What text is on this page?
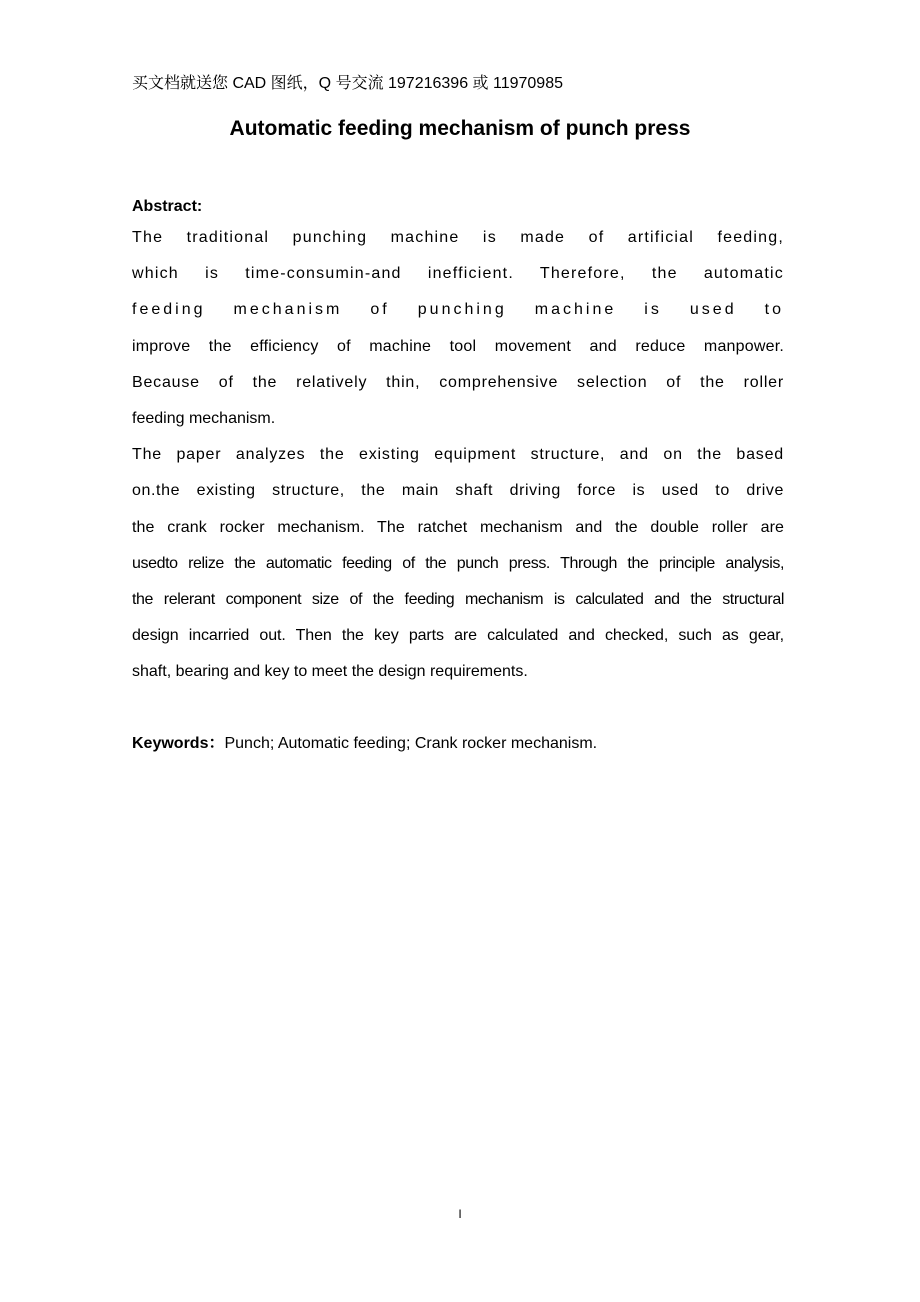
买文档就送您 CAD 图纸，Q 号交流 197216396 或 11970985
Automatic feeding mechanism of punch press
Abstract:
The traditional punching machine is made of artificial feeding,
which is time-consumin-and inefficient. Therefore, the automatic
feeding mechanism of punching machine is used to
improve the efficiency of machine tool movement and reduce manpower.
Because of the relatively thin, comprehensive selection of the roller
feeding mechanism.
The paper analyzes the existing equipment structure, and on the based
on.the existing structure, the main shaft driving force is used to drive
the crank rocker mechanism. The ratchet mechanism and the double roller are
usedto relize the automatic feeding of the punch press. Through the principle analysis,
the relerant component size of the feeding mechanism is calculated and the structural
design incarried out. Then the key parts are calculated and checked, such as gear,
shaft, bearing and key to meet the design requirements.
Keywords：Punch; Automatic feeding; Crank rocker mechanism.
I
